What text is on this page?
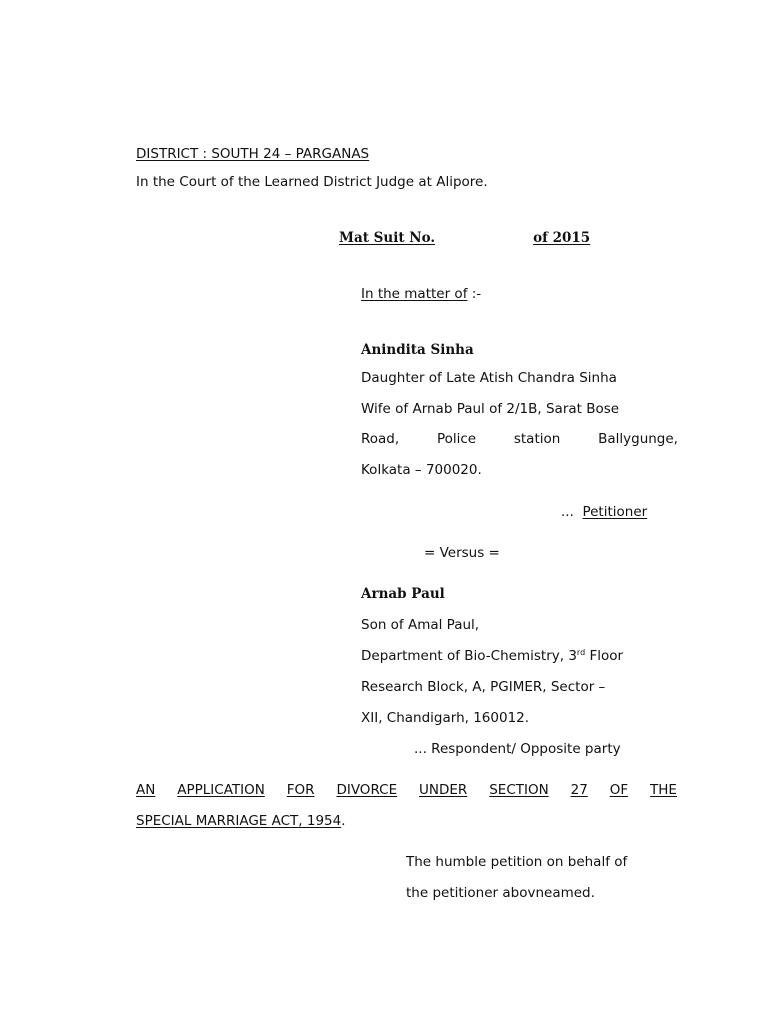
DISTRICT : SOUTH 24 – PARGANAS
In the Court of the Learned District Judge at Alipore.
Mat Suit No.	of 2015
In the matter of :-
Anindita Sinha
Daughter of Late Atish Chandra Sinha
Wife of Arnab Paul of 2/1B, Sarat Bose
Road,	Police	station	Ballygunge,
Kolkata – 700020.
... Petitioner
= Versus =
Arnab Paul
Son of Amal Paul,
Department of Bio-Chemistry, 3rd Floor
Research Block, A, PGIMER, Sector –
XII, Chandigarh, 160012.
... Respondent/ Opposite party
AN APPLICATION FOR DIVORCE UNDER SECTION 27 OF THE
SPECIAL MARRIAGE ACT, 1954.
The humble petition on behalf of
the petitioner abovneamed.
